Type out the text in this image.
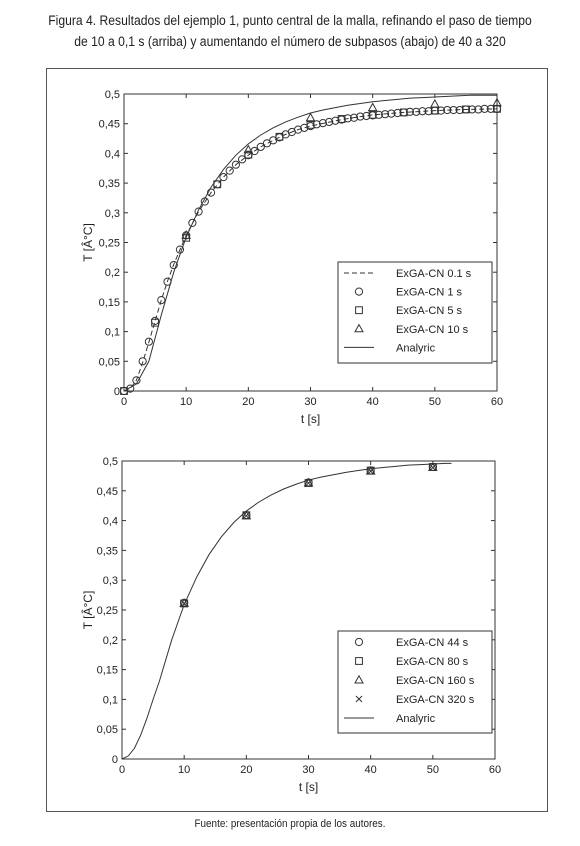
Figura 4. Resultados del ejemplo 1, punto central de la malla, refinando el paso de tiempo de 10 a 0,1 s (arriba) y aumentando el número de subpasos (abajo) de 40 a 320
0	10	20	30	40	50	60
0
0,05
0,1
0,15
0,2
0,25
0,3
0,35
0,4
0,45
0,5
t [s]
T [Â°C]
ExGA-CN 0.1 s
ExGA-CN 1 s
ExGA-CN 5 s
ExGA-CN 10 s
Analyric
0	10	20	30	40	50	60
0
0,05
0,1
0,15
0,2
0,25
0,3
0,35
0,4
0,45
0,5
t [s]
T [Â°C]
ExGA-CN 44 s
ExGA-CN 80 s
ExGA-CN 160 s
ExGA-CN 320 s
Analyric
Fuente: presentación propia de los autores.
